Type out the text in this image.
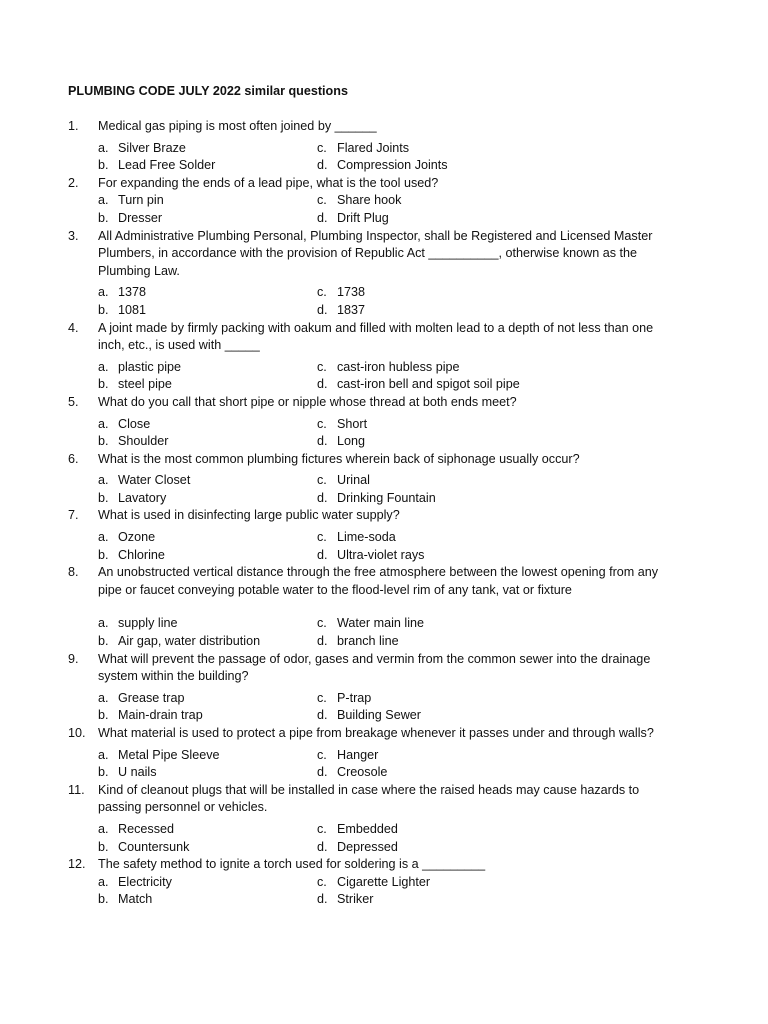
PLUMBING CODE JULY 2022 similar questions
1. Medical gas piping is most often joined by ______
a. Silver Braze	c. Flared Joints
b. Lead Free Solder	d. Compression Joints
2. For expanding the ends of a lead pipe, what is the tool used?
a. Turn pin	c. Share hook
b. Dresser	d. Drift Plug
3. All Administrative Plumbing Personal, Plumbing Inspector, shall be Registered and Licensed Master Plumbers, in accordance with the provision of Republic Act __________, otherwise known as the Plumbing Law.
a. 1378	c. 1738
b. 1081	d. 1837
4. A joint made by firmly packing with oakum and filled with molten lead to a depth of not less than one inch, etc., is used with _____
a. plastic pipe	c. cast-iron hubless pipe
b. steel pipe	d. cast-iron bell and spigot soil pipe
5. What do you call that short pipe or nipple whose thread at both ends meet?
a. Close	c. Short
b. Shoulder	d. Long
6. What is the most common plumbing fictures wherein back of siphonage usually occur?
a. Water Closet	c. Urinal
b. Lavatory	d. Drinking Fountain
7. What is used in disinfecting large public water supply?
a. Ozone	c. Lime-soda
b. Chlorine	d. Ultra-violet rays
8. An unobstructed vertical distance through the free atmosphere between the lowest opening from any pipe or faucet conveying potable water to the flood-level rim of any tank, vat or fixture
a. supply line	c. Water main line
b. Air gap, water distribution	d. branch line
9. What will prevent the passage of odor, gases and vermin from the common sewer into the drainage system within the building?
a. Grease trap	c. P-trap
b. Main-drain trap	d. Building Sewer
10. What material is used to protect a pipe from breakage whenever it passes under and through walls?
a. Metal Pipe Sleeve	c. Hanger
b. U nails	d. Creosole
11. Kind of cleanout plugs that will be installed in case where the raised heads may cause hazards to passing personnel or vehicles.
a. Recessed	c. Embedded
b. Countersunk	d. Depressed
12. The safety method to ignite a torch used for soldering is a _________
a. Electricity	c. Cigarette Lighter
b. Match	d. Striker
